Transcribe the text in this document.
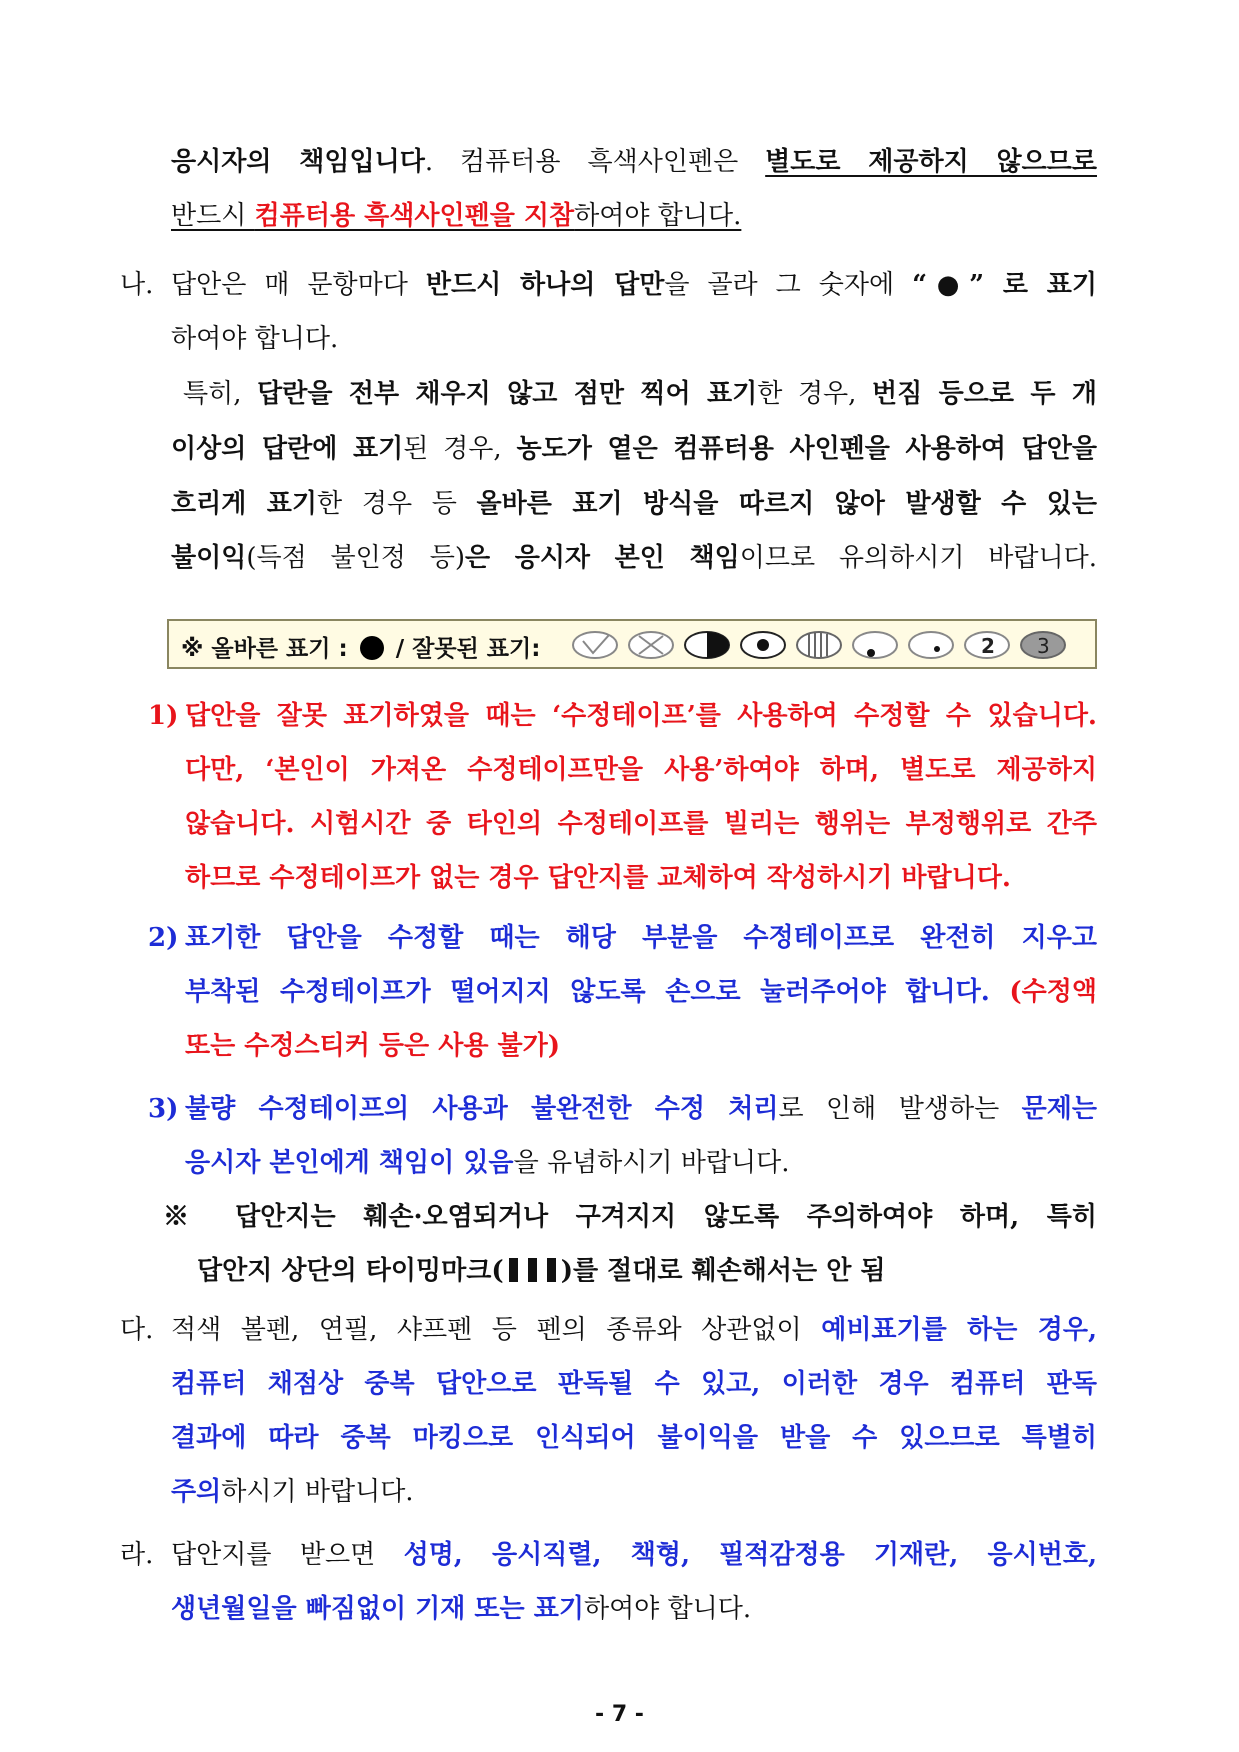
응시자의 책임입니다. 컴퓨터용 흑색사인펜은 별도로 제공하지 않으므로
반드시 컴퓨터용 흑색사인펜을 지참하여야 합니다.
나. 답안은 매 문항마다 반드시 하나의 답만을 골라 그 숫자에 “●” 로 표기
하여야 합니다.
특히, 답란을 전부 채우지 않고 점만 찍어 표기한 경우, 번짐 등으로 두 개
이상의 답란에 표기된 경우, 농도가 옅은 컴퓨터용 사인펜을 사용하여 답안을
흐리게 표기한 경우 등 올바른 표기 방식을 따르지 않아 발생할 수 있는
불이익(득점 불인정 등)은 응시자 본인 책임이므로 유의하시기 바랍니다.
※ 올바른 표기 : / 잘못된 표기:	2 3
1) 답안을 잘못 표기하였을 때는 ‘수정테이프’를 사용하여 수정할 수 있습니다.
다만, ‘본인이 가져온 수정테이프만을 사용’하여야 하며, 별도로 제공하지
않습니다. 시험시간 중 타인의 수정테이프를 빌리는 행위는 부정행위로 간주
하므로 수정테이프가 없는 경우 답안지를 교체하여 작성하시기 바랍니다.
2) 표기한 답안을 수정할 때는 해당 부분을 수정테이프로 완전히 지우고
부착된 수정테이프가 떨어지지 않도록 손으로 눌러주어야 합니다. (수정액
또는 수정스티커 등은 사용 불가)
3) 불량 수정테이프의 사용과 불완전한 수정 처리로 인해 발생하는 문제는
응시자 본인에게 책임이 있음을 유념하시기 바랍니다.
※ 답안지는 훼손·오염되거나 구겨지지 않도록 주의하여야 하며, 특히
답안지 상단의 타이밍마크( )를 절대로 훼손해서는 안 됨
다. 적색 볼펜, 연필, 샤프펜 등 펜의 종류와 상관없이 예비표기를 하는 경우,
컴퓨터 채점상 중복 답안으로 판독될 수 있고, 이러한 경우 컴퓨터 판독
결과에 따라 중복 마킹으로 인식되어 불이익을 받을 수 있으므로 특별히
주의하시기 바랍니다.
라. 답안지를 받으면 성명, 응시직렬, 책형, 필적감정용 기재란, 응시번호,
생년월일을 빠짐없이 기재 또는 표기하여야 합니다.
- 7 -
